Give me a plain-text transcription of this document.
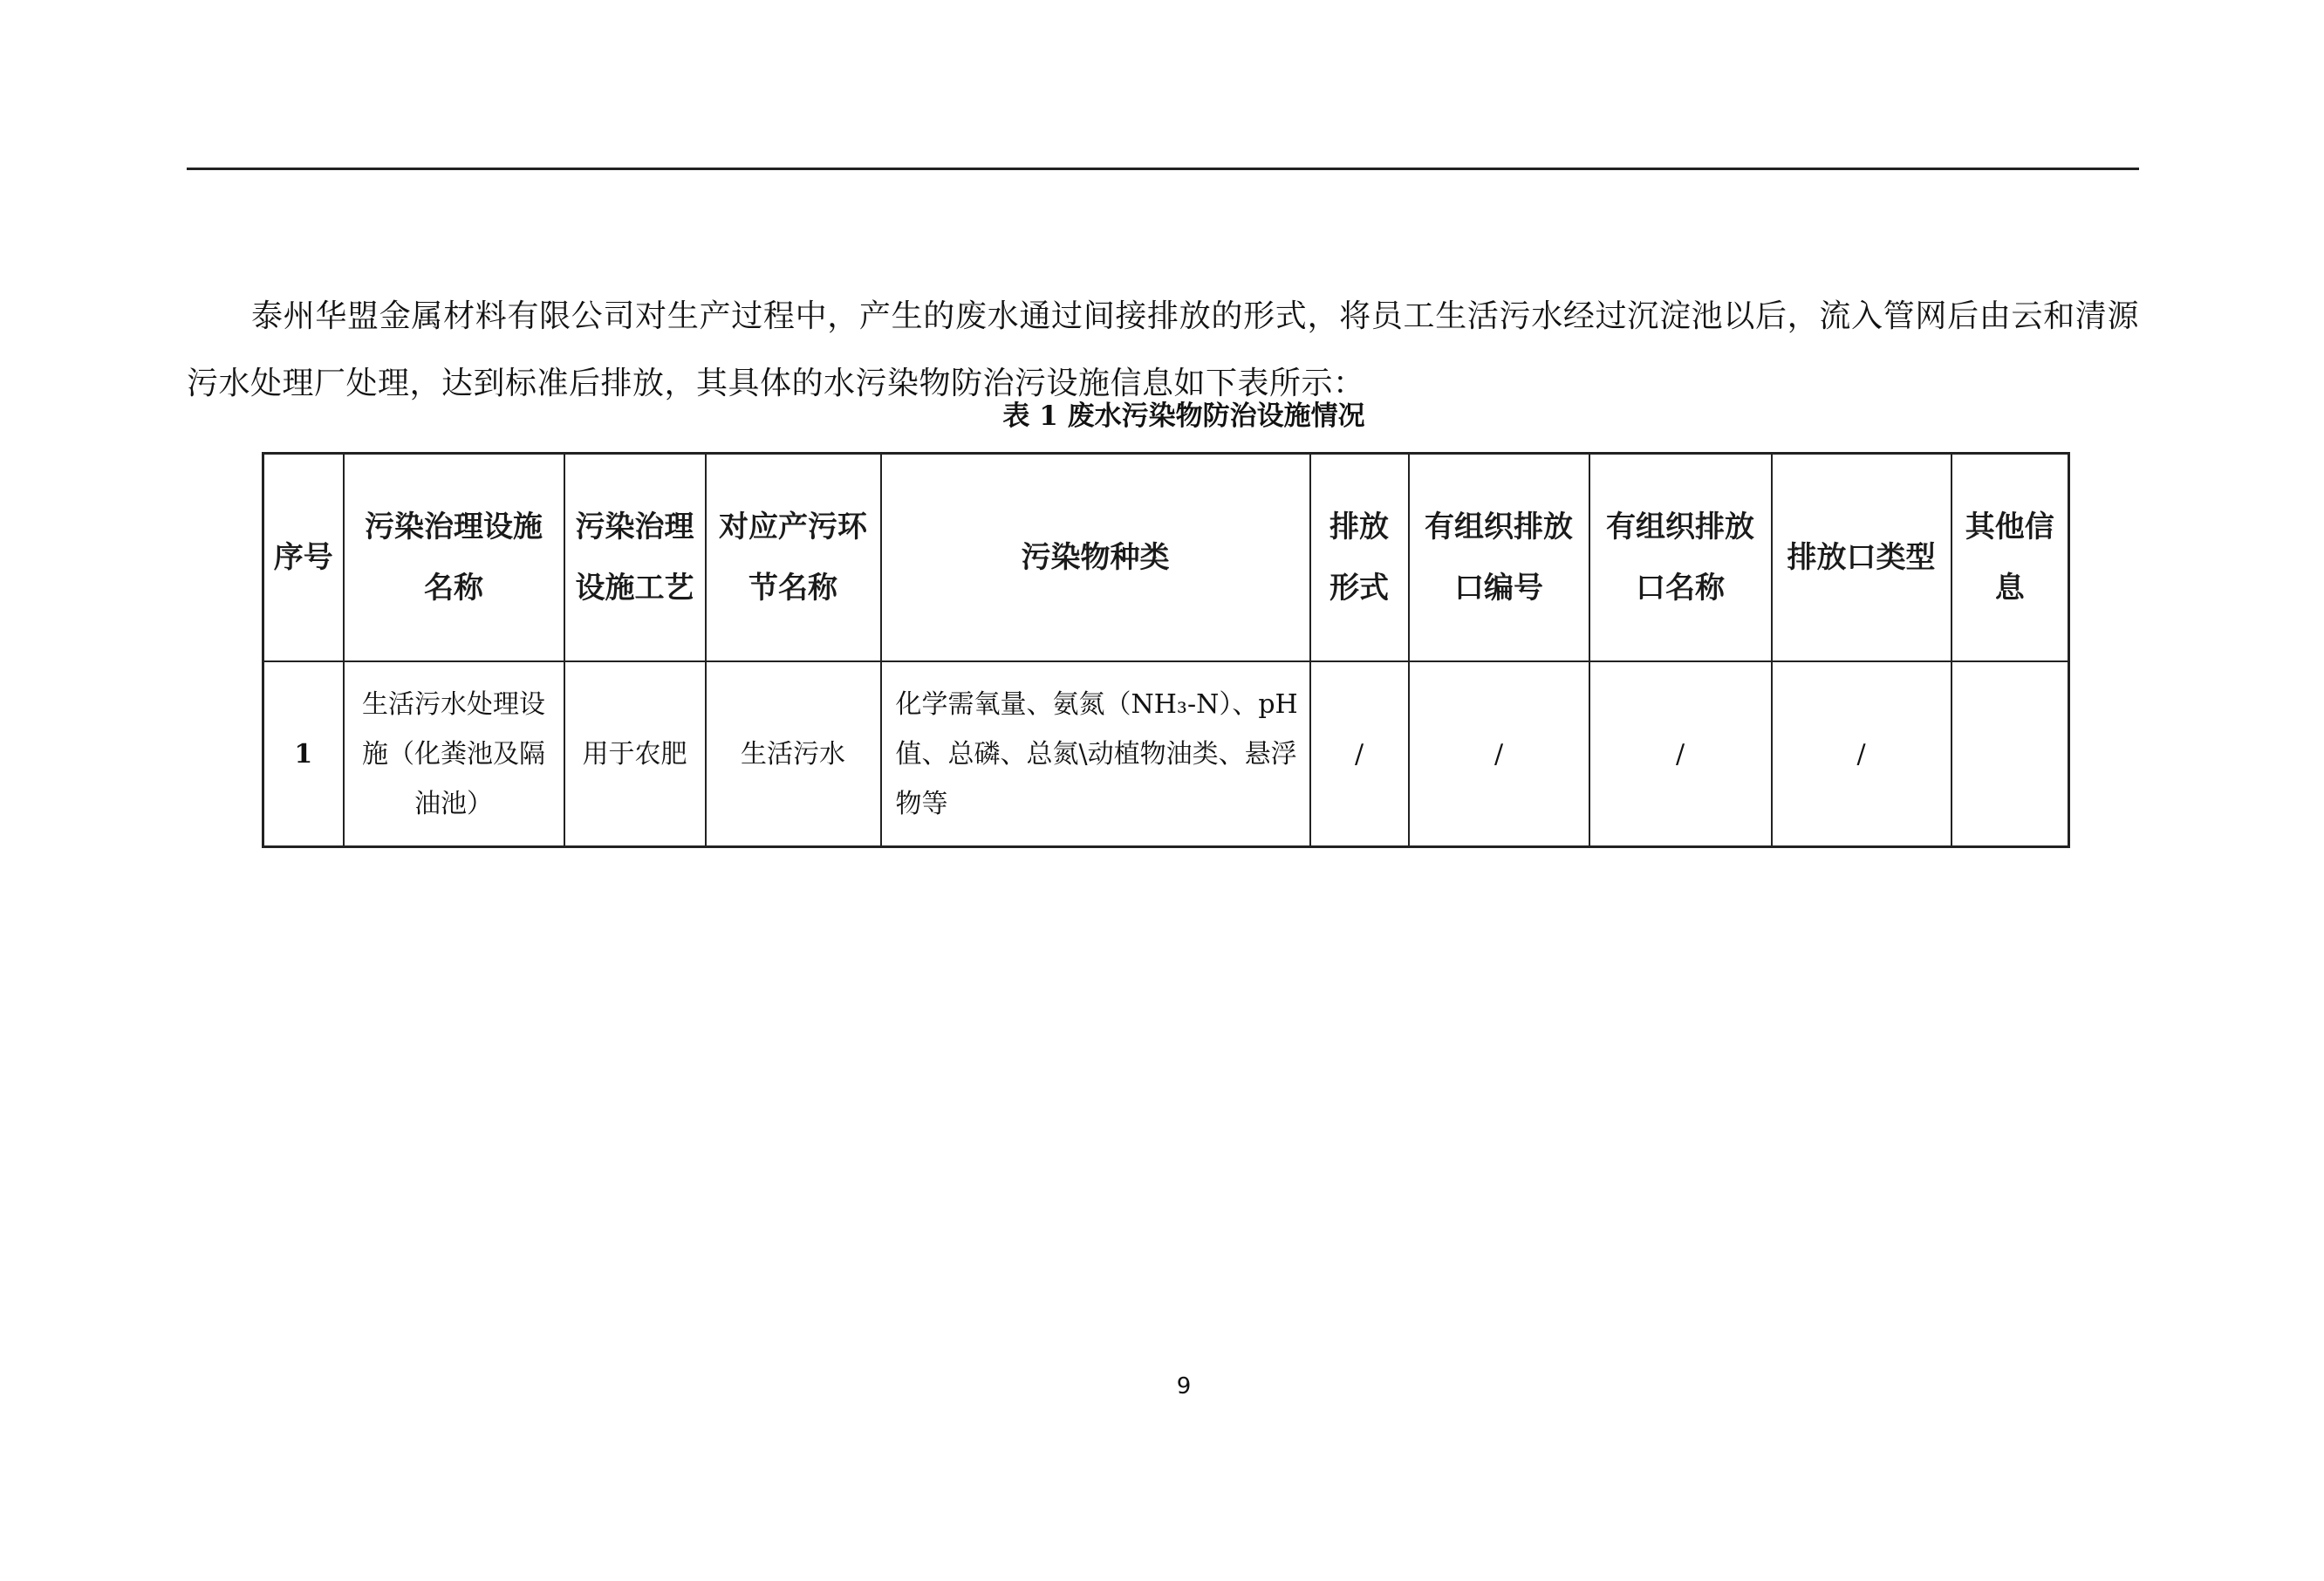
泰州华盟金属材料有限公司对生产过程中，产生的废水通过间接排放的形式，将员工生活污水经过沉淀池以后，流入管网后由云和清源污水处理厂处理，达到标准后排放，其具体的水污染物防治污设施信息如下表所示：

表 1 废水污染物防治设施情况
序号	污染治理设施名称	污染治理设施工艺	对应产污环节名称	污染物种类	排放形式	有组织排放口编号	有组织排放口名称	排放口类型	其他信息
1	生活污水处理设施（化粪池及隔油池）	用于农肥	生活污水	化学需氧量、氨氮（NH₃-N）、pH 值、总磷、总氮\动植物油类、悬浮物等	/	/	/	/	
9
